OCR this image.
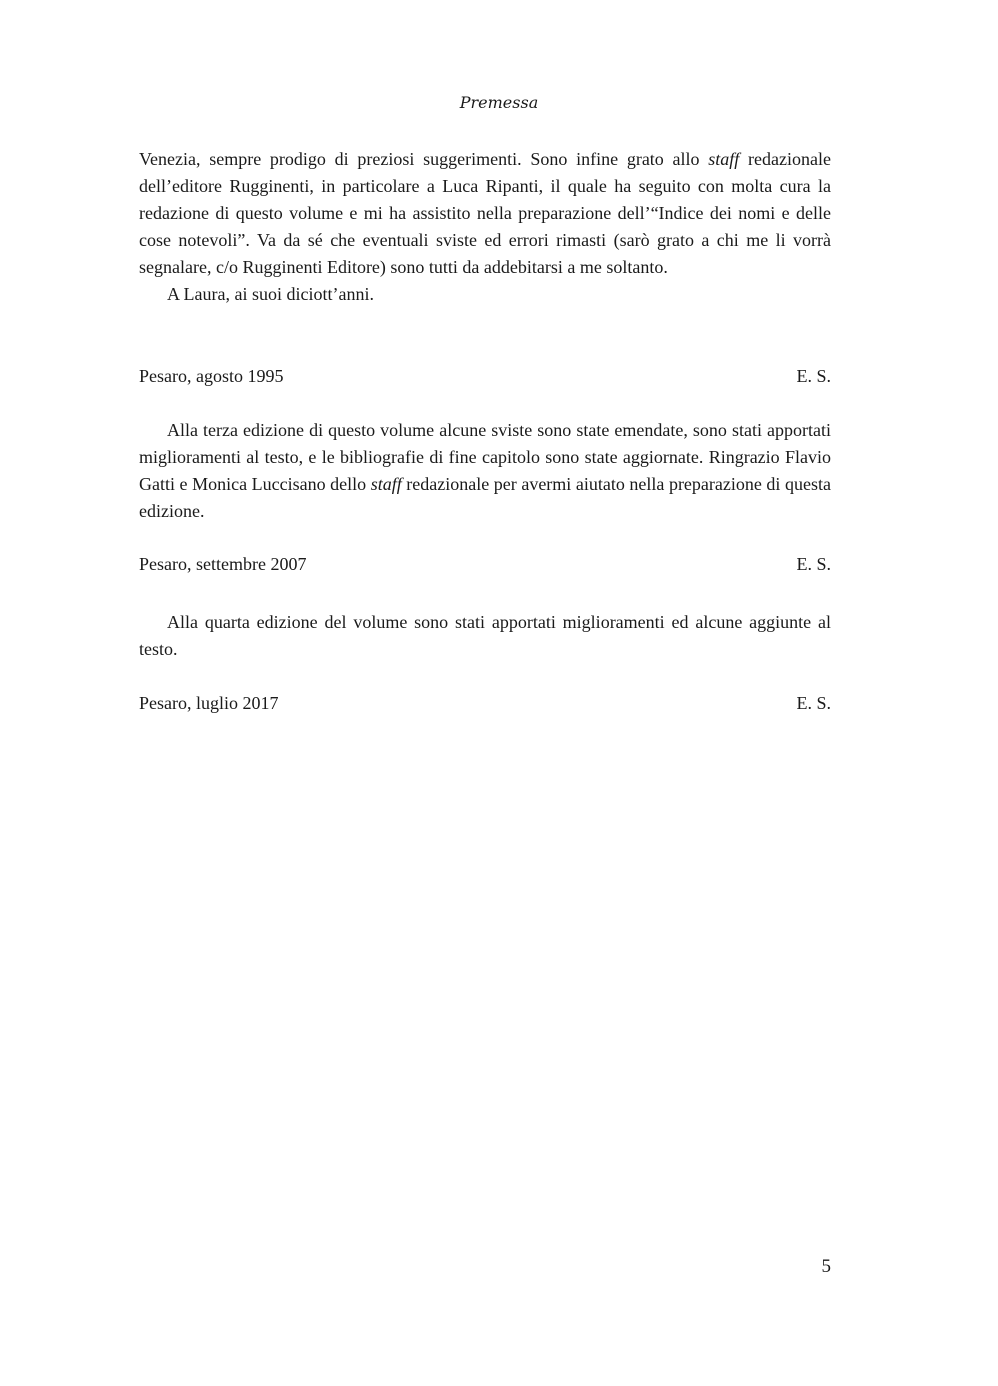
Premessa

Venezia, sempre prodigo di preziosi suggerimenti. Sono infine grato allo staff redazionale dell’editore Rugginenti, in particolare a Luca Ripanti, il quale ha seguito con molta cura la redazione di questo volume e mi ha assistito nella preparazione dell’“Indice dei nomi e delle cose notevoli”. Va da sé che eventuali sviste ed errori rimasti (sarò grato a chi me li vorrà segnalare, c/o Rugginenti Editore) sono tutti da addebitarsi a me soltanto.

A Laura, ai suoi diciott’anni.

Pesaro, agosto 1995	E. S.

Alla terza edizione di questo volume alcune sviste sono state emendate, sono stati apportati miglioramenti al testo, e le bibliografie di fine capitolo sono state aggiornate. Ringrazio Flavio Gatti e Monica Luccisano dello staff redazionale per avermi aiutato nella preparazione di questa edizione.

Pesaro, settembre 2007	E. S.

Alla quarta edizione del volume sono stati apportati miglioramenti ed alcune aggiunte al testo.

Pesaro, luglio 2017	E. S.
5
